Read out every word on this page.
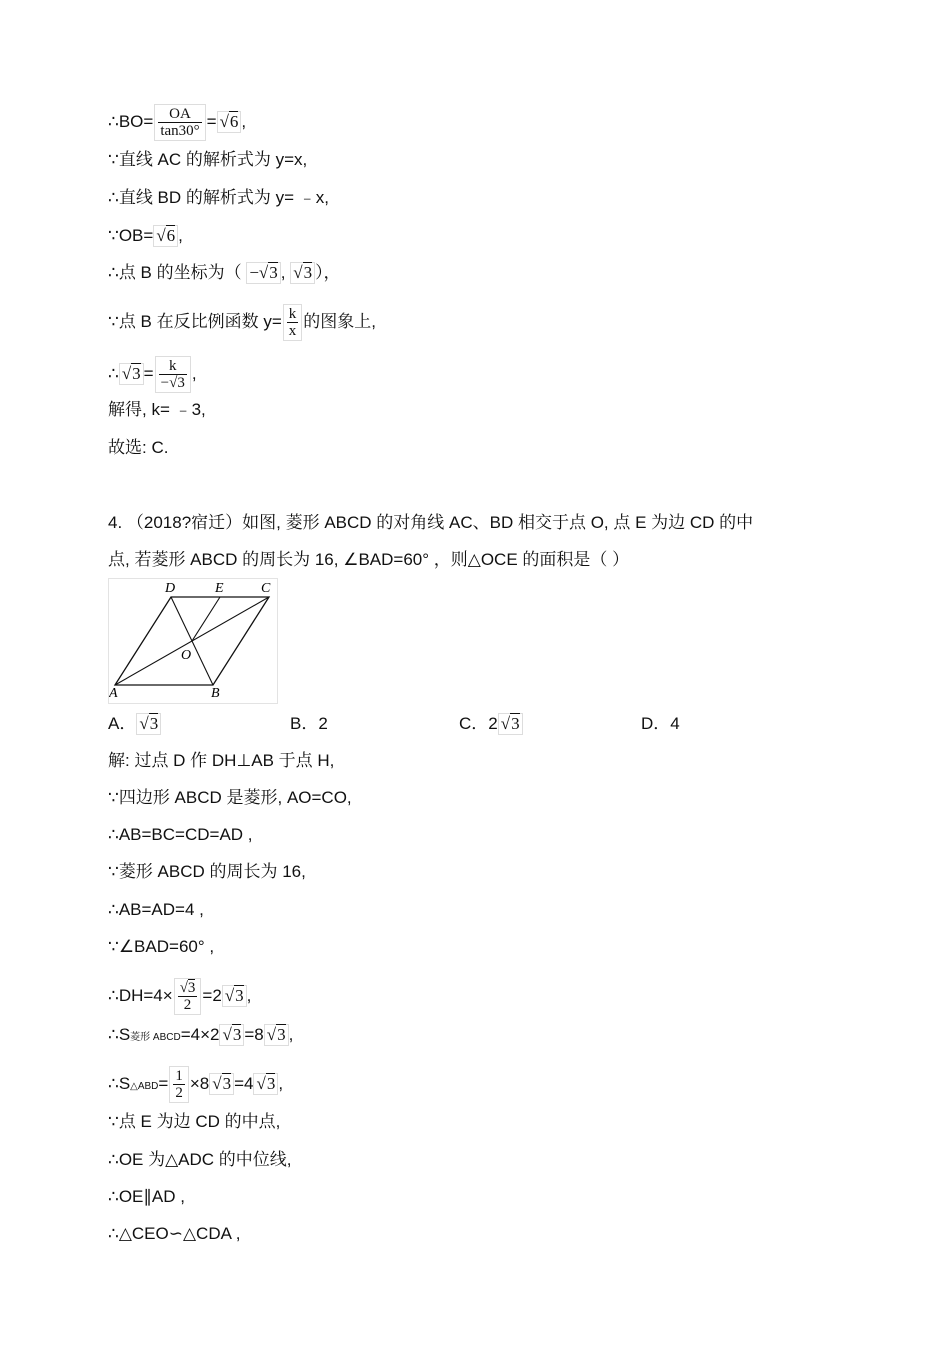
∴BO= $\frac{OA}{\tan 30^\circ} = √6$ ,
∵直线 AC 的解析式为 y=x,
∴直线 BD 的解析式为 y= ﹣x,
∵OB= √6 ,
∴点 B 的坐标为（ −√3 , √3 ），
∵点 B 在反比例函数 $y= \frac{k}{x}$ 的图象上,
∴ $√3 = \frac{k}{-√3}$ ,
解得, k= ﹣3,
故选: C.
4. （2018?宿迁）如图, 菱形 ABCD 的对角线 AC、BD 相交于点 O, 点 E 为边 CD 的中
点, 若菱形 ABCD 的周长为 16, ∠BAD=60° ，则△OCE 的面积是（ ）
A	B
C
D	E
O
A． √3	B．2	C．2 √3	D．4
解: 过点 D 作 DH⊥AB 于点 H,
∵四边形 ABCD 是菱形, AO=CO,
∴AB=BC=CD=AD ,
∵菱形 ABCD 的周长为 16,
∴AB=AD=4 ,
∵∠BAD=60° ,
∴DH=4× $\frac{√3}{2} =2$ √3 ,
∴S菱形 ABCD=4×2 √3 =8 √3 ,
∴S△ABD= $\frac{1}{2} \times 8$ √3 =4 √3 ,
∵点 E 为边 CD 的中点,
∴OE 为△ADC 的中位线,
∴OE∥AD ,
∴△CEO∽△CDA ,
